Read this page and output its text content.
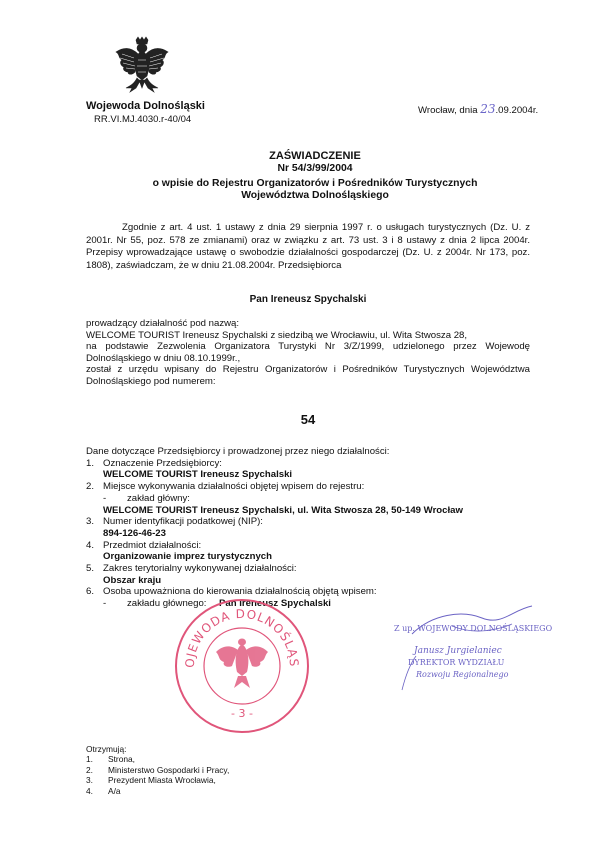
Wojewoda Dolnośląski
RR.VI.MJ.4030.r-40/04
Wrocław, dnia 23.09.2004r.
ZAŚWIADCZENIE
Nr 54/3/99/2004
o wpisie do Rejestru Organizatorów i Pośredników Turystycznych
Województwa Dolnośląskiego

Zgodnie z art. 4 ust. 1 ustawy z dnia 29 sierpnia 1997 r. o usługach turystycznych (Dz. U. z 2001r. Nr 55, poz. 578 ze zmianami) oraz w związku z art. 73 ust. 3 i 8 ustawy z dnia 2 lipca 2004r. Przepisy wprowadzające ustawę o swobodzie działalności gospodarczej (Dz. U. z 2004r. Nr 173, poz. 1808), zaświadczam, że w dniu 21.08.2004r. Przedsiębiorca

Pan Ireneusz Spychalski

prowadzący działalność pod nazwą:

WELCOME TOURIST Ireneusz Spychalski z siedzibą we Wrocławiu, ul. Wita Stwosza 28,

na podstawie Zezwolenia Organizatora Turystyki Nr 3/Z/1999, udzielonego przez Wojewodę Dolnośląskiego w dniu 08.10.1999r.,

został z urzędu wpisany do Rejestru Organizatorów i Pośredników Turystycznych Województwa Dolnośląskiego pod numerem:

54
Dane dotyczące Przedsiębiorcy i prowadzonej przez niego działalności:
1. Oznaczenie Przedsiębiorcy:
WELCOME TOURIST Ireneusz Spychalski
2. Miejsce wykonywania działalności objętej wpisem do rejestru:
-	zakład główny:
WELCOME TOURIST Ireneusz Spychalski, ul. Wita Stwosza 28, 50-149 Wrocław
3. Numer identyfikacji podatkowej (NIP):
894-126-46-23
4. Przedmiot działalności:
Organizowanie imprez turystycznych
5. Zakres terytorialny wykonywanej działalności:
Obszar kraju
6. Osoba upoważniona do kierowania działalnością objętą wpisem:
-	zakładu głównego:	Pan Ireneusz Spychalski
OJEWODA DOLNOŚLĄS
- 3 -
Z up. WOJEWODY DOLNOŚLĄSKIEGO
Janusz Jurgielaniec
DYREKTOR WYDZIAŁU
Rozwoju Regionalnego
Otrzymują:
1.	Strona,
2.	Ministerstwo Gospodarki i Pracy,
3.	Prezydent Miasta Wrocławia,
4.	A/a
